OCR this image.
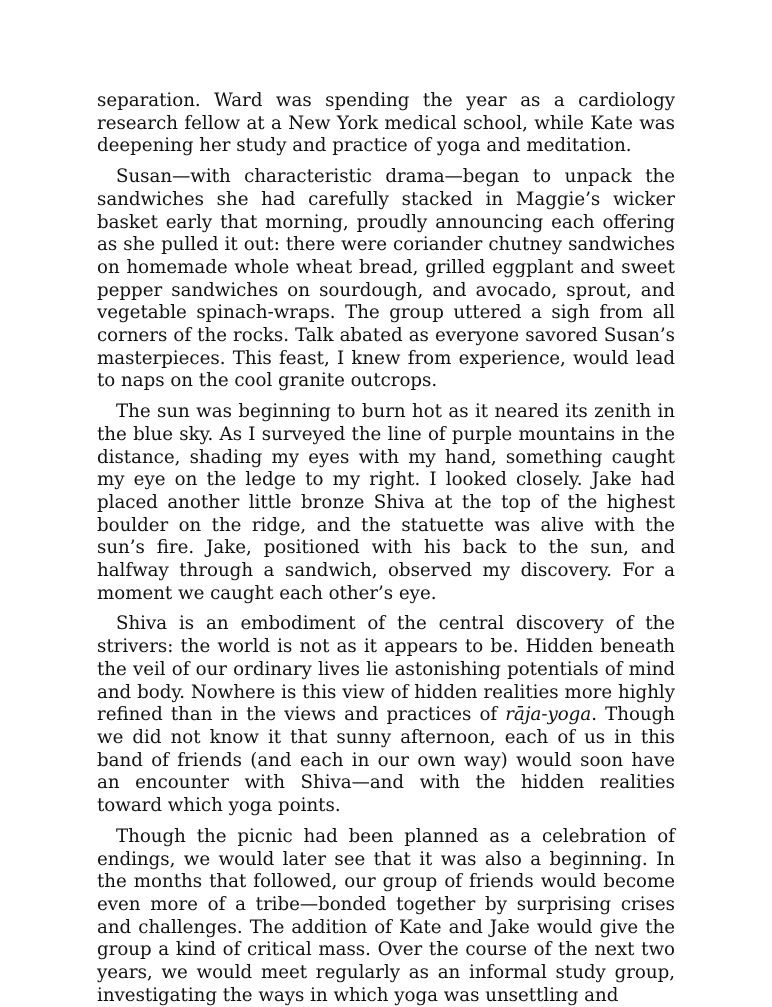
separation. Ward was spending the year as a cardiology research fellow at a New York medical school, while Kate was deepening her study and practice of yoga and meditation.

Susan—with characteristic drama—began to unpack the sandwiches she had carefully stacked in Maggie’s wicker basket early that morning, proudly announcing each offering as she pulled it out: there were coriander chutney sandwiches on homemade whole wheat bread, grilled eggplant and sweet pepper sandwiches on sourdough, and avocado, sprout, and vegetable spinach-wraps. The group uttered a sigh from all corners of the rocks. Talk abated as everyone savored Susan’s masterpieces. This feast, I knew from experience, would lead to naps on the cool granite outcrops.

The sun was beginning to burn hot as it neared its zenith in the blue sky. As I surveyed the line of purple mountains in the distance, shading my eyes with my hand, something caught my eye on the ledge to my right. I looked closely. Jake had placed another little bronze Shiva at the top of the highest boulder on the ridge, and the statuette was alive with the sun’s fire. Jake, positioned with his back to the sun, and halfway through a sandwich, observed my discovery. For a moment we caught each other’s eye.

Shiva is an embodiment of the central discovery of the strivers: the world is not as it appears to be. Hidden beneath the veil of our ordinary lives lie astonishing potentials of mind and body. Nowhere is this view of hidden realities more highly refined than in the views and practices of rāja-yoga. Though we did not know it that sunny afternoon, each of us in this band of friends (and each in our own way) would soon have an encounter with Shiva—and with the hidden realities toward which yoga points.

Though the picnic had been planned as a celebration of endings, we would later see that it was also a beginning. In the months that followed, our group of friends would become even more of a tribe—bonded together by surprising crises and challenges. The addition of Kate and Jake would give the group a kind of critical mass. Over the course of the next two years, we would meet regularly as an informal study group, investigating the ways in which yoga was unsettling and
